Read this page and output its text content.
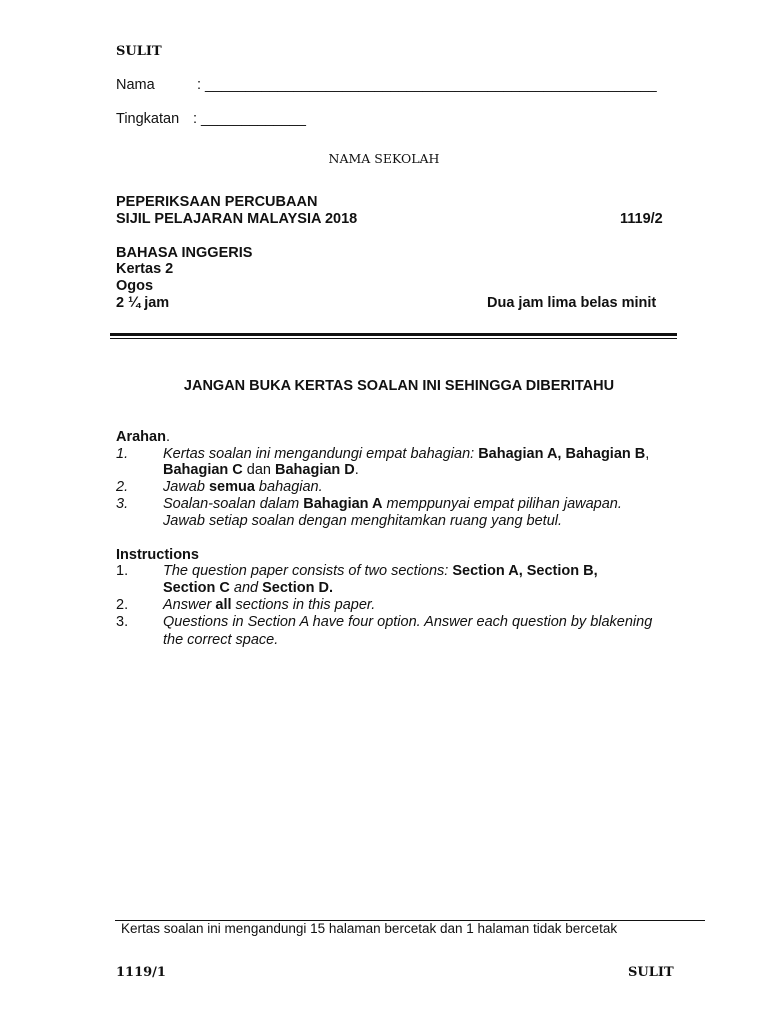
SULIT
Nama	: ________________________________________________________
Tingkatan : _____________
NAMA SEKOLAH
PEPERIKSAAN PERCUBAAN
SIJIL PELAJARAN MALAYSIA 2018	1119/2
BAHASA INGGERIS
Kertas 2
Ogos
2 ¼ jam	Dua jam lima belas minit
JANGAN BUKA KERTAS SOALAN INI SEHINGGA DIBERITAHU
Arahan.
1. Kertas soalan ini mengandungi empat bahagian: Bahagian A, Bahagian B,
Bahagian C dan Bahagian D.
2. Jawab semua bahagian.
3. Soalan-soalan dalam Bahagian A memppunyai empat pilihan jawapan.
Jawab setiap soalan dengan menghitamkan ruang yang betul.
Instructions
1. The question paper consists of two sections: Section A, Section B,
Section C and Section D.
2. Answer all sections in this paper.
3. Questions in Section A have four option. Answer each question by blakening
the correct space.
Kertas soalan ini mengandungi 15 halaman bercetak dan 1 halaman tidak bercetak
1119/1	SULIT
